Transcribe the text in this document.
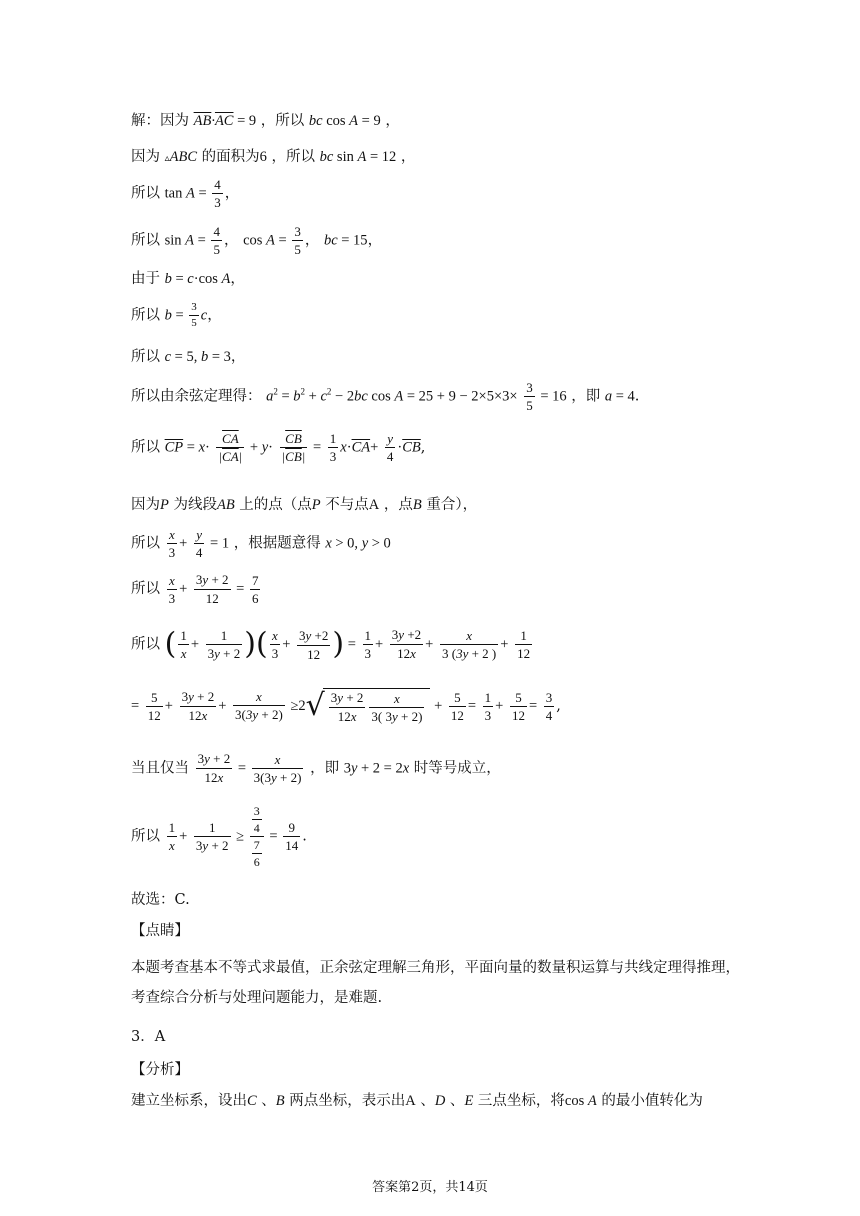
解：因为 $\overline{AB}\cdot\overline{AC} = 9$ ，所以 bc cos A = 9 ，
因为 ▵ABC 的面积为6 ，所以 bc sin A = 12 ，
所以 $\tan A = \frac{4}{3}$ ，
所以 $\sin A = \frac{4}{5}$ ， $\cos A = \frac{3}{5}$ ， bc = 15，
由于 b = c·cos A，
所以 $b = \frac{3}{5}$ c，
所以 c = 5, b = 3，
所以由余弦定理得： $a^2 = b^2 + c^2 - 2bc$ $\cos A = 25 + 9 - 2\times 5\times 3\times \frac{3}{5} = 16$ ，即 a = 4.
所以 $\overline{CP} = x\cdot \frac{\overline{CA}}{|\overline{CA}|} + y\cdot \frac{\overline{CB}}{|\overline{CB}|} = \frac{1}{3} x\cdot\overline{CA}+ \frac{y}{4} \cdot\overline{CB}$,
因为P 为线段AB 上的点（点P 不与点A ，点B 重合），
所以 $\frac{x}{3} + \frac{y}{4} = 1$ ，根据题意得 x > 0, y > 0
所以 $\frac{x}{3} + \frac{3y + 2}{12} = \frac{7}{6}$
所以 ( $\frac{1}{x} + \frac{1}{3y + 2}$ )( $\frac{x}{3} + \frac{3y +2}{12}$ ) = $\frac{1}{3} + \frac{3y +2}{12x} + \frac{x}{3 (3y + 2 )} + \frac{1}{12}$
= $\frac{5}{12} + \frac{3y + 2}{12x} + \frac{x}{3(3y + 2)} \ge 2√ \frac{3y + 2}{12x} \frac{x}{3( 3y + 2)} + \frac{5}{12} = \frac{1}{3} + \frac{5}{12} = \frac{3}{4}$ ,
当且仅当 $\frac{3y + 2}{12x} = \frac{x}{3(3y + 2)}$ ，即 3y + 2 = 2x 时等号成立，
所以 $\frac{1}{x} + \frac{1}{3y + 2} \ge \frac{\frac{3}{4}}{\frac{7}{6}} = \frac{9}{14}$ .
故选：C.
【点睛】
本题考查基本不等式求最值，正余弦定理解三角形，平面向量的数量积运算与共线定理得推理，考查综合分析与处理问题能力，是难题.
3．A
【分析】
建立坐标系，设出C 、B 两点坐标，表示出A 、D 、E 三点坐标，将cos A 的最小值转化为
答案第2页，共14页
